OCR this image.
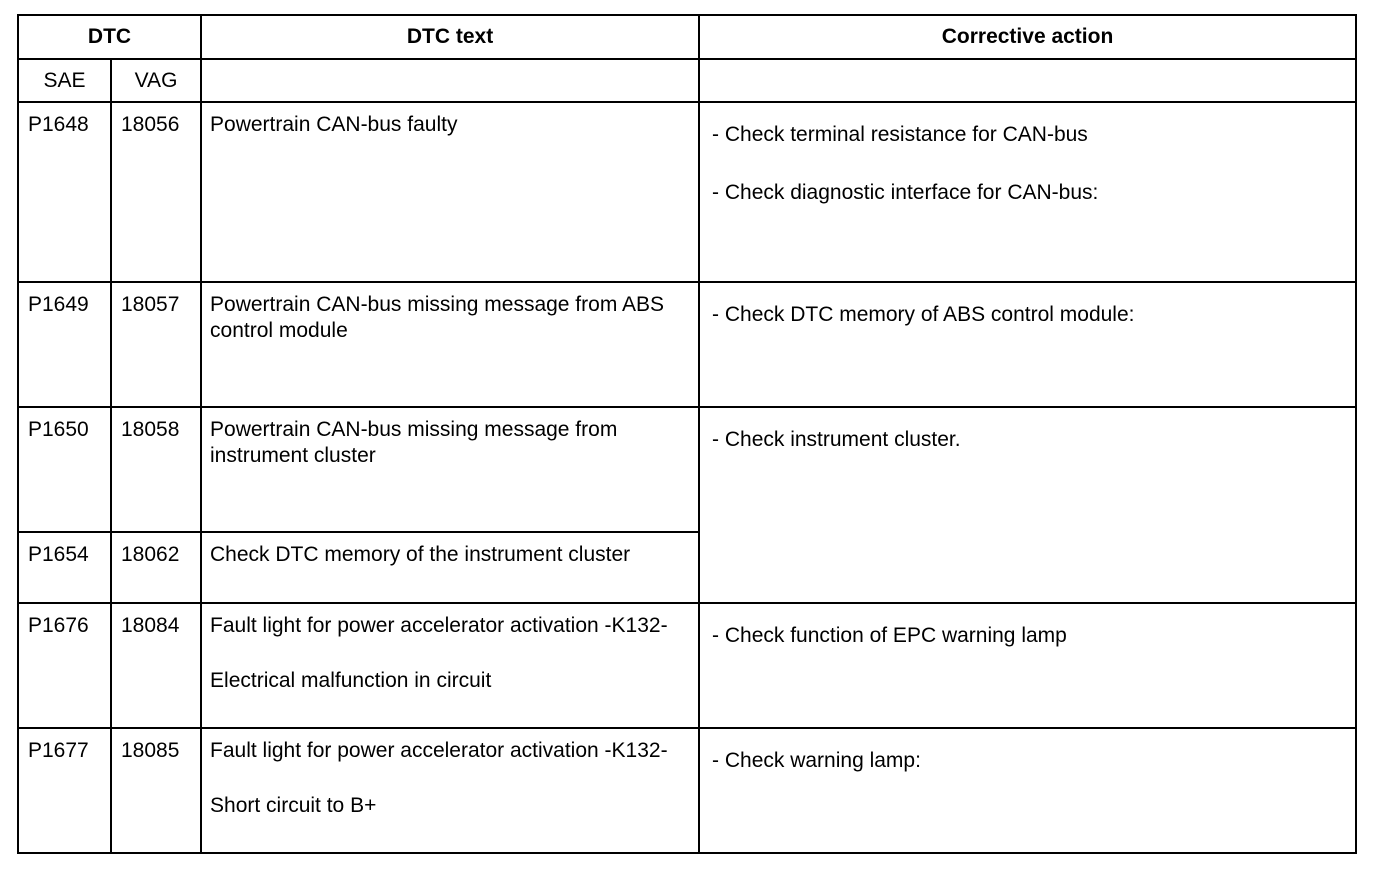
DTC		DTC text	Corrective action
SAE	VAG		
P1648	18056	Powertrain CAN-bus faulty	- Check terminal resistance for CAN-bus
- Check diagnostic interface for CAN-bus:

P1649	18057	Powertrain CAN-bus missing message from ABS control module	- Check DTC memory of ABS control module:

P1650	18058	Powertrain CAN-bus missing message from instrument cluster	- Check instrument cluster.

P1654	18062	Check DTC memory of the instrument cluster	

P1676	18084	Fault light for power accelerator activation -K132-
Electrical malfunction in circuit	- Check function of EPC warning lamp

P1677	18085	Fault light for power accelerator activation -K132-
Short circuit to B+	- Check warning lamp:
